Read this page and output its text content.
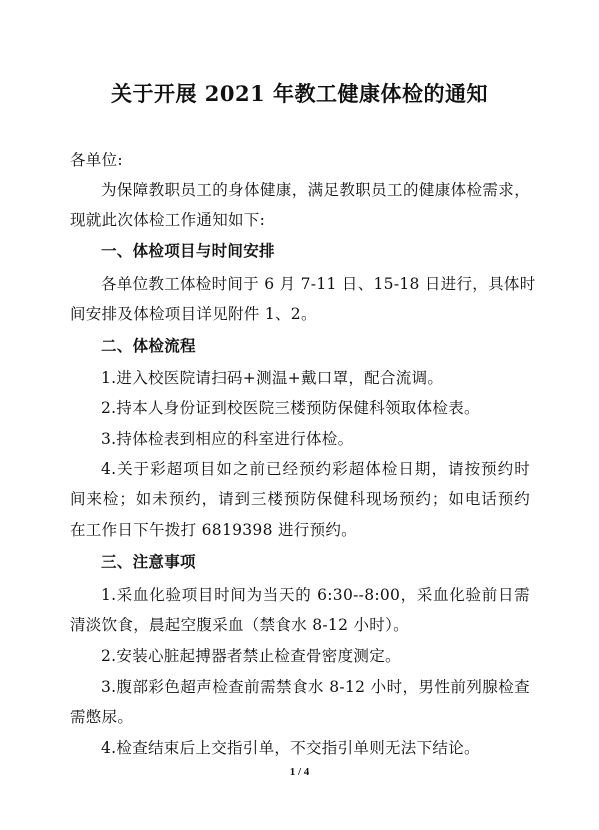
关于开展 2021 年教工健康体检的通知
各单位:
为保障教职员工的身体健康，满足教职员工的健康体检需求，
现就此次体检工作通知如下:
一、体检项目与时间安排
各单位教工体检时间于 6 月 7-11 日、15-18 日进行，具体时
间安排及体检项目详见附件 1、2。
二、体检流程
1.进入校医院请扫码+测温+戴口罩，配合流调。
2.持本人身份证到校医院三楼预防保健科领取体检表。
3.持体检表到相应的科室进行体检。
4.关于彩超项目如之前已经预约彩超体检日期，请按预约时
间来检；如未预约，请到三楼预防保健科现场预约；如电话预约
在工作日下午拨打 6819398 进行预约。
三、注意事项
1.采血化验项目时间为当天的 6:30--8:00，采血化验前日需
清淡饮食，晨起空腹采血（禁食水 8-12 小时）。
2.安装心脏起搏器者禁止检查骨密度测定。
3.腹部彩色超声检查前需禁食水 8-12 小时，男性前列腺检查
需憋尿。
4.检查结束后上交指引单，不交指引单则无法下结论。
1 / 4
